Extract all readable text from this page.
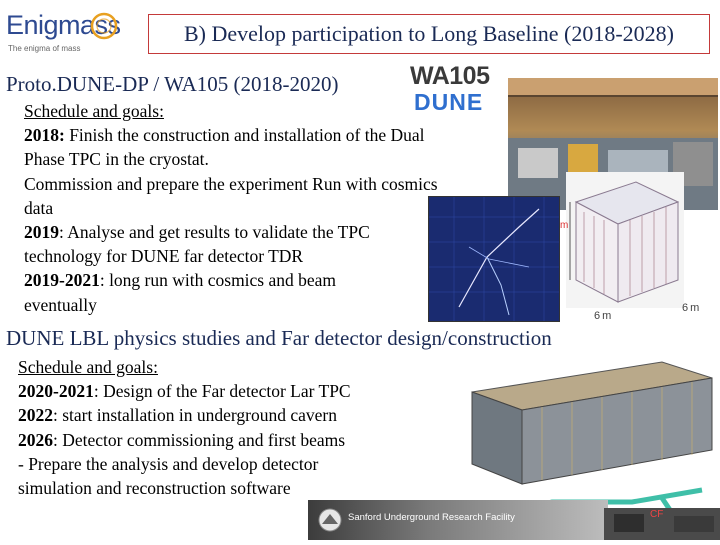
Enigmass
The enigma of mass
B) Develop participation to Long Baseline (2018-2028)
Proto.DUNE-DP / WA105 (2018-2020)	WA105
DUNE
Schedule and goals:
2018: Finish the construction and installation of the Dual
Phase TPC in the cryostat.
Commission and prepare the experiment Run with cosmics
data
2019: Analyse and get results to validate the TPC
technology for DUNE far detector TDR
2019-2021: long run with cosmics and beam
eventually
m
6m
6m
DUNE LBL physics studies and Far detector design/construction
Schedule and goals:
2020-2021: Design of the Far detector Lar TPC
2022: start installation in underground cavern
2026: Detector commissioning and first beams
- Prepare the analysis and develop detector
simulation and reconstruction software
Sanford Underground Research Facility	CF
